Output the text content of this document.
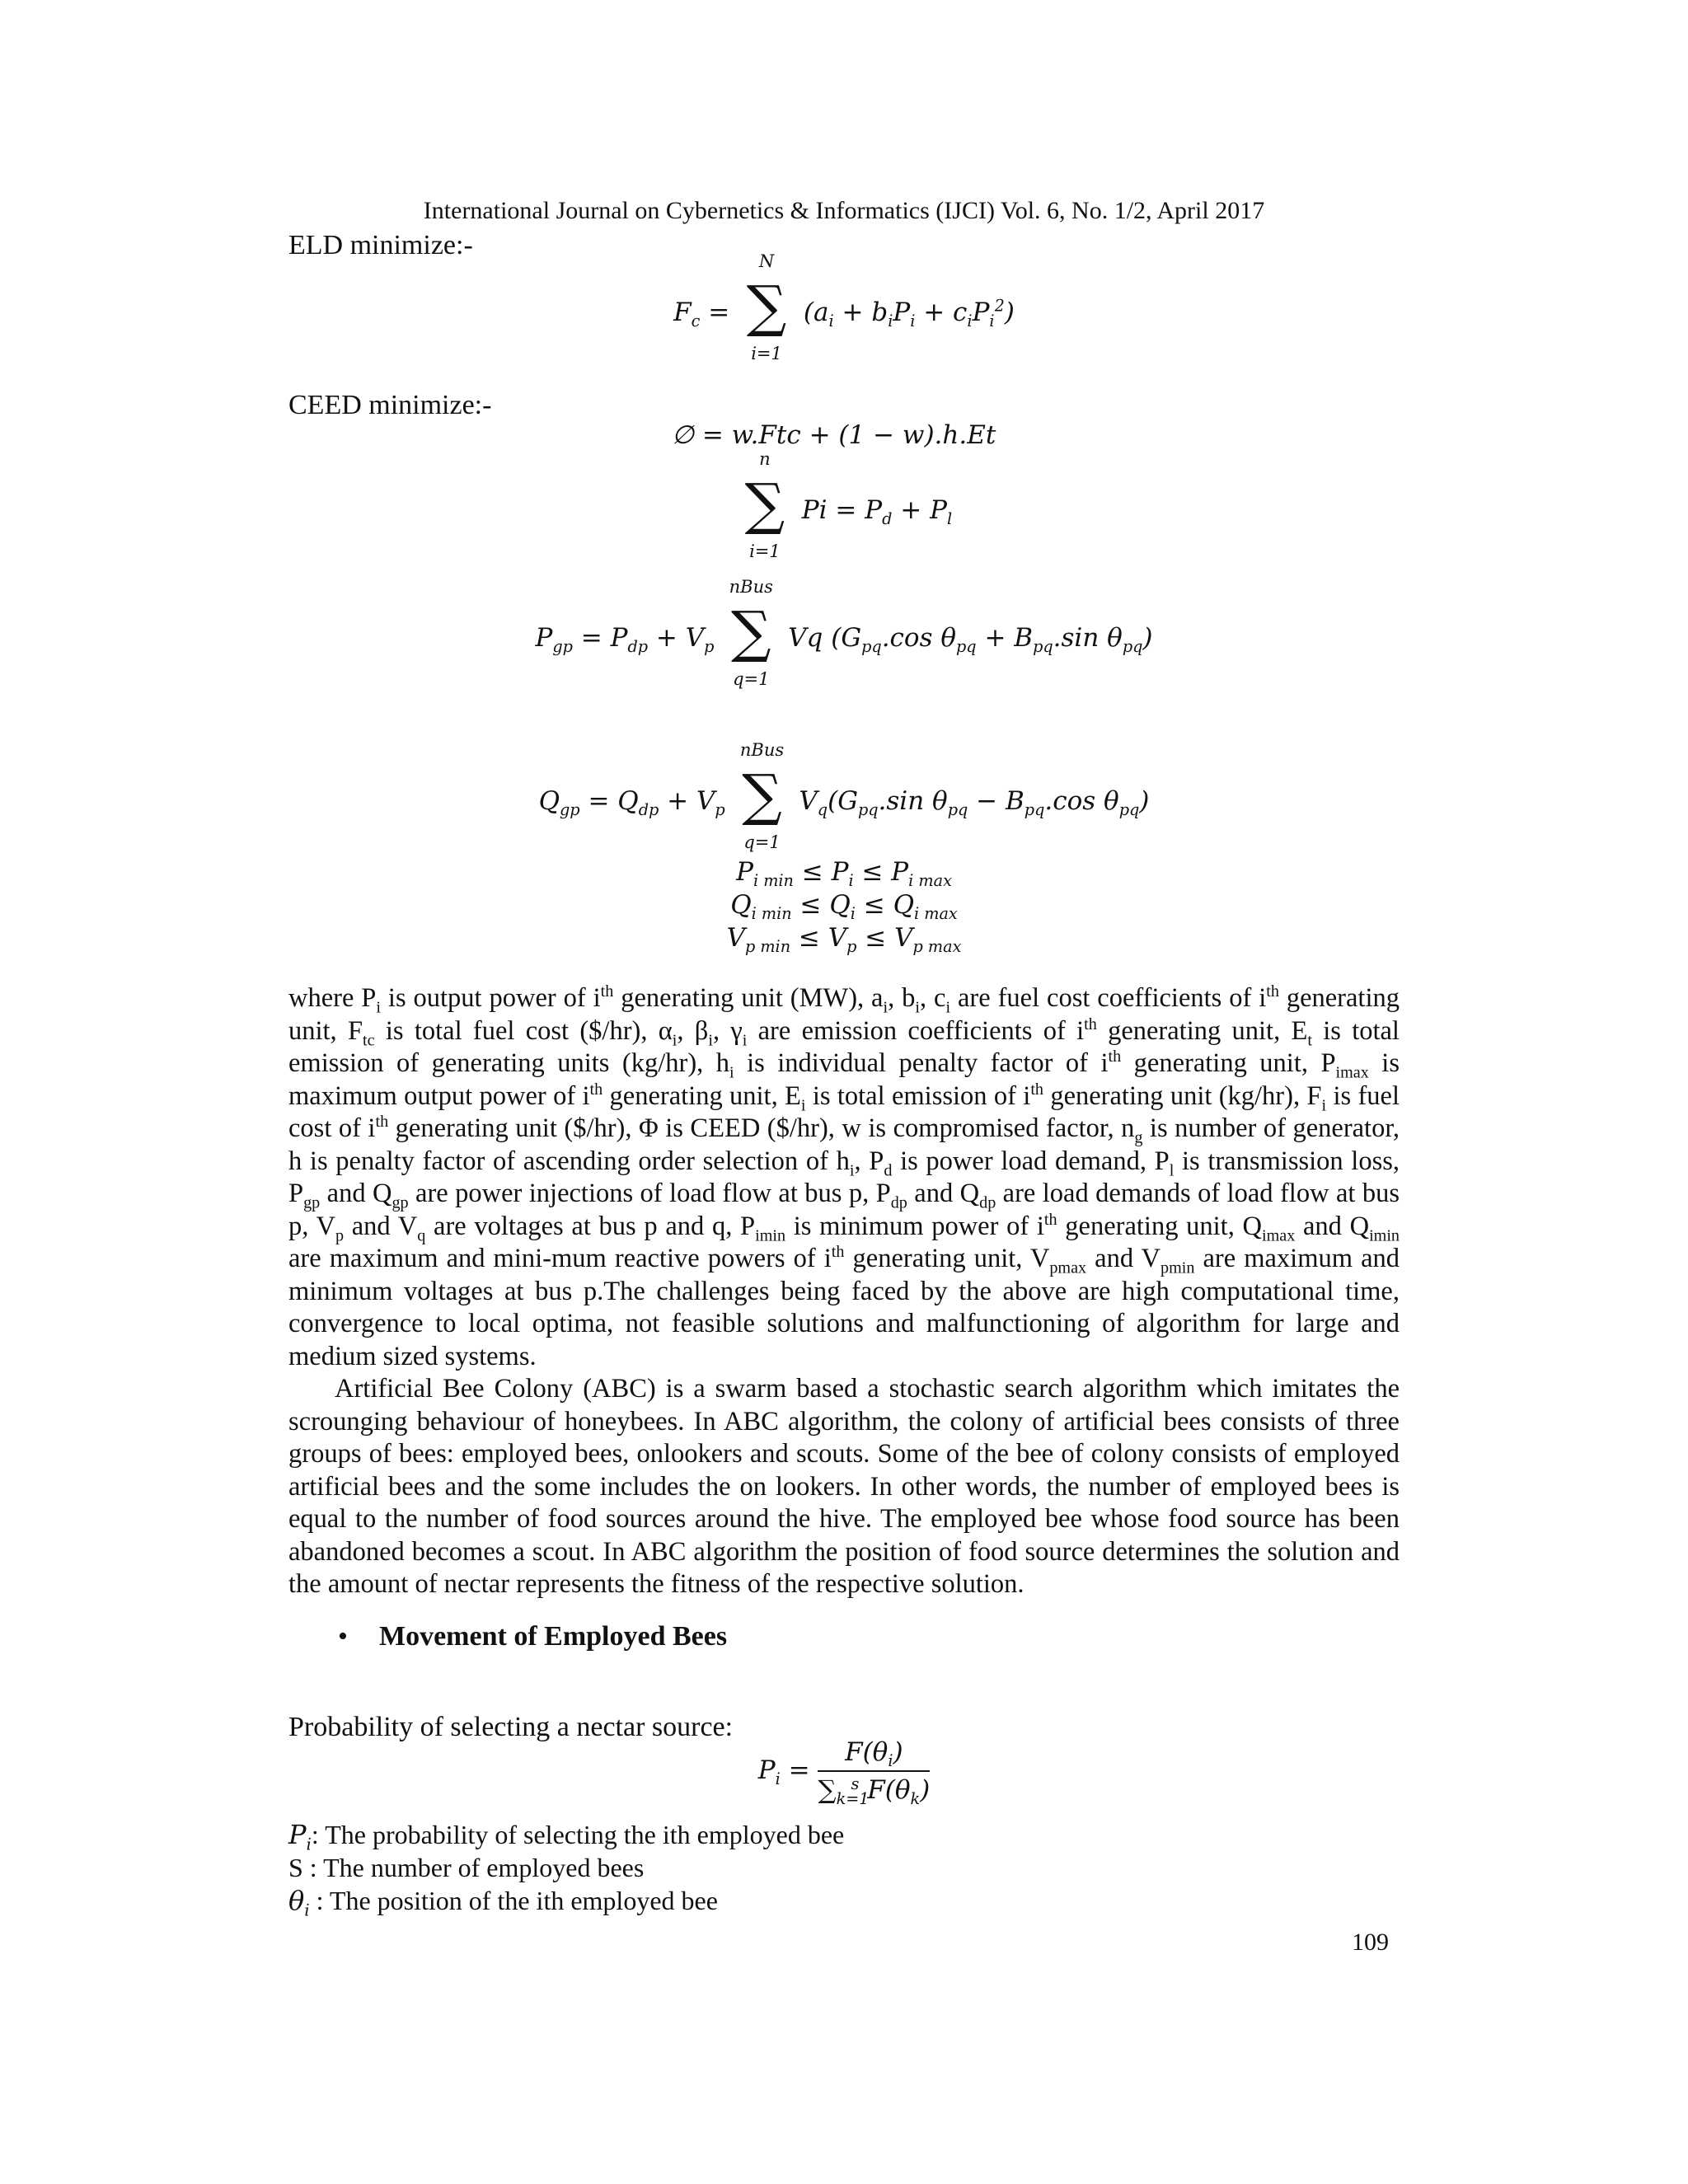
International Journal on Cybernetics & Informatics (IJCI) Vol. 6, No. 1/2, April 2017
ELD minimize:-
$F_c$ =
N
∑
i=1
$(a_i + b_iP_i + c_iP_i^2)$
CEED minimize:-
∅ = w.Ftc + (1 − w).h.Et
n
∑
i=1
$Pi = P_d + P_l$
$P_{gp} = P_{dp} + V_p$
nBus
∑
q=1
Vq ($G_{pq}.\cos$ $\theta_{pq} + B_{pq}.\sin$ $\theta_{pq}$)
$Q_{gp} = Q_{dp} + V_p$
nBus
∑
q=1
$V_q(G_{pq}.\sin$ $\theta_{pq} - B_{pq}.\cos$ $\theta_{pq}$)
$P_{i min} \le P_i \le P_{i max}$
$Q_{i min} \le Q_i \le Q_{i max}$
$V_{p min} \le V_p \le V_{p max}$

where $P_i$ is output power of $i^{th}$ generating unit (MW), $a_i$, $b_i$, $c_i$ are fuel cost coefficients of $i^{th}$ generating unit, $F_{tc}$ is total fuel cost ($/hr), $\alpha_i$, $\beta_i$, $\gamma_i$ are emission coefficients of $i^{th}$ generating unit, $E_t$ is total emission of generating units (kg/hr), $h_i$ is individual penalty factor of $i^{th}$ generating unit, $P_{imax}$ is maximum output power of $i^{th}$ generating unit, $E_i$ is total emission of $i^{th}$ generating unit (kg/hr), $F_i$ is fuel cost of $i^{th}$ generating unit ($/hr), Φ is CEED ($/hr), w is compromised factor, $n_g$ is number of generator, h is penalty factor of ascending order selection of $h_i$, $P_d$ is power load demand, $P_l$ is transmission loss, $P_{gp}$ and $Q_{gp}$ are power injections of load flow at bus p, $P_{dp}$ and $Q_{dp}$ are load demands of load flow at bus p, $V_p$ and $V_q$ are voltages at bus p and q, $P_{imin}$ is minimum power of $i^{th}$ generating unit, $Q_{imax}$ and $Q_{imin}$ are maximum and mini-mum reactive powers of $i^{th}$ generating unit, $V_{pmax}$ and $V_{pmin}$ are maximum and minimum voltages at bus p.The challenges being faced by the above are high computational time, convergence to local optima, not feasible solutions and malfunctioning of algorithm for large and medium sized systems.

Artificial Bee Colony (ABC) is a swarm based a stochastic search algorithm which imitates the scrounging behaviour of honeybees. In ABC algorithm, the colony of artificial bees consists of three groups of bees: employed bees, onlookers and scouts. Some of the bee of colony consists of employed artificial bees and the some includes the on lookers. In other words, the number of employed bees is equal to the number of food sources around the hive. The employed bee whose food source has been abandoned becomes a scout. In ABC algorithm the position of food source determines the solution and the amount of nectar represents the fitness of the respective solution.

• Movement of Employed Bees
Probability of selecting a nectar source:
$P_i = \frac{F(\theta_i)}{\sum_{k=1}^s F(\theta_k)}$
$P_i$: The probability of selecting the ith employed bee
S : The number of employed bees
$\theta_i$ : The position of the ith employed bee
109
